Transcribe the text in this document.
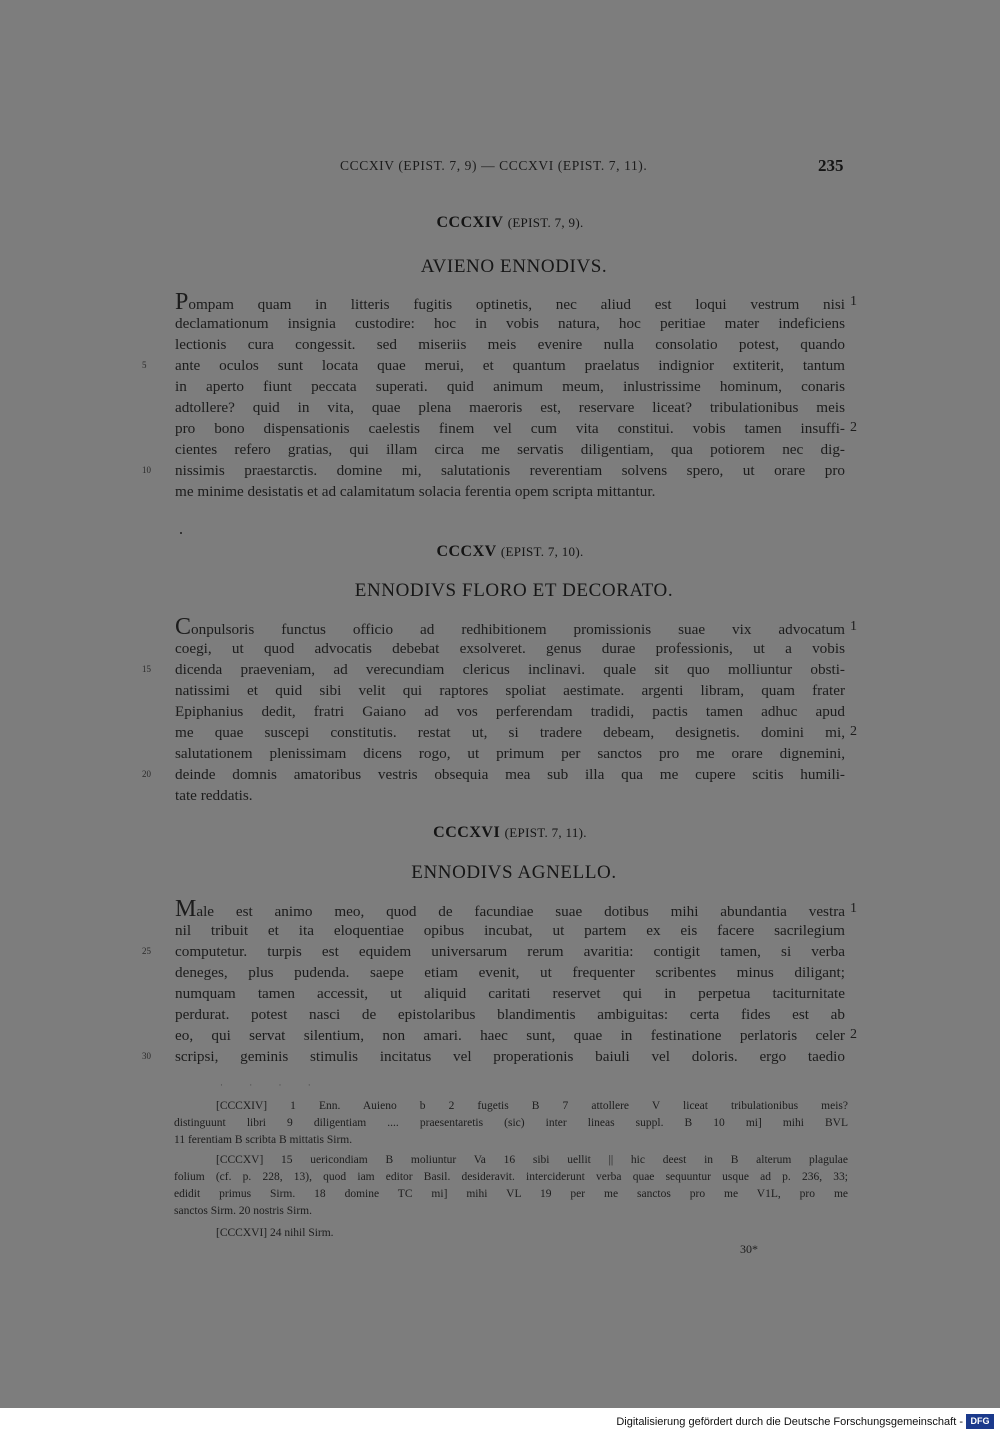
CCCXIV (EPIST. 7, 9) — CCCXVI (EPIST. 7, 11).	235
CCCXIV (EPIST. 7, 9).
AVIENO ENNODIVS.
Pompam quam in litteris fugitis optinetis, nec aliud est loqui vestrum nisi
declamationum insignia custodire: hoc in vobis natura, hoc peritiae mater indeficiens
lectionis cura congessit. sed miseriis meis evenire nulla consolatio potest, quando
ante oculos sunt locata quae merui, et quantum praelatus indignior extiterit, tantum
in aperto fiunt peccata superati. quid animum meum, inlustrissime hominum, conaris
adtollere? quid in vita, quae plena maeroris est, reservare liceat? tribulationibus meis
pro bono dispensationis caelestis finem vel cum vita constitui. vobis tamen insuffi-
cientes refero gratias, qui illam circa me servatis diligentiam, qua potiorem nec dig-
nissimis praestarctis. domine mi, salutationis reverentiam solvens spero, ut orare pro
me minime desistatis et ad calamitatum solacia ferentia opem scripta mittantur.
5
10
1
2
CCCXV (EPIST. 7, 10).
ENNODIVS FLORO ET DECORATO.
Conpulsoris functus officio ad redhibitionem promissionis suae vix advocatum
coegi, ut quod advocatis debebat exsolveret. genus durae professionis, ut a vobis
dicenda praeveniam, ad verecundiam clericus inclinavi. quale sit quo molliuntur obsti-
natissimi et quid sibi velit qui raptores spoliat aestimate. argenti libram, quam frater
Epiphanius dedit, fratri Gaiano ad vos perferendam tradidi, pactis tamen adhuc apud
me quae suscepi constitutis. restat ut, si tradere debeam, designetis. domini mi,
salutationem plenissimam dicens rogo, ut primum per sanctos pro me orare dignemini,
deinde domnis amatoribus vestris obsequia mea sub illa qua me cupere scitis humili-
tate reddatis.
15
20
1
2
CCCXVI (EPIST. 7, 11).
ENNODIVS AGNELLO.
Male est animo meo, quod de facundiae suae dotibus mihi abundantia vestra
nil tribuit et ita eloquentiae opibus incubat, ut partem ex eis facere sacrilegium
computetur. turpis est equidem universarum rerum avaritia: contigit tamen, si verba
deneges, plus pudenda. saepe etiam evenit, ut frequenter scribentes minus diligant;
numquam tamen accessit, ut aliquid caritati reservet qui in perpetua taciturnitate
perdurat. potest nasci de epistolaribus blandimentis ambiguitas: certa fides est ab
eo, qui servat silentium, non amari. haec sunt, quae in festinatione perlatoris celer
scripsi, geminis stimulis incitatus vel properationis baiuli vel doloris. ergo taedio
25
30
1
2
· · · ·
[CCCXIV] 1 Enn. Auieno b 2 fugetis B 7 attollere V liceat tribulationibus meis?
distinguunt libri 9 diligentiam .... praesentaretis (sic) inter lineas suppl. B 10 mi] mihi BVL
11 ferentiam B scribta B mittatis Sirm.
[CCCXV] 15 uericondiam B moliuntur Va 16 sibi uellit || hic deest in B alterum plagulae
folium (cf. p. 228, 13), quod iam editor Basil. desideravit. interciderunt verba quae sequuntur usque ad p. 236, 33;
edidit primus Sirm. 18 domine TC mi] mihi VL 19 per me sanctos pro me V1L, pro me
sanctos Sirm. 20 nostris Sirm.
[CCCXVI] 24 nihil Sirm.
30*
Digitalisierung gefördert durch die Deutsche Forschungsgemeinschaft - DFG
